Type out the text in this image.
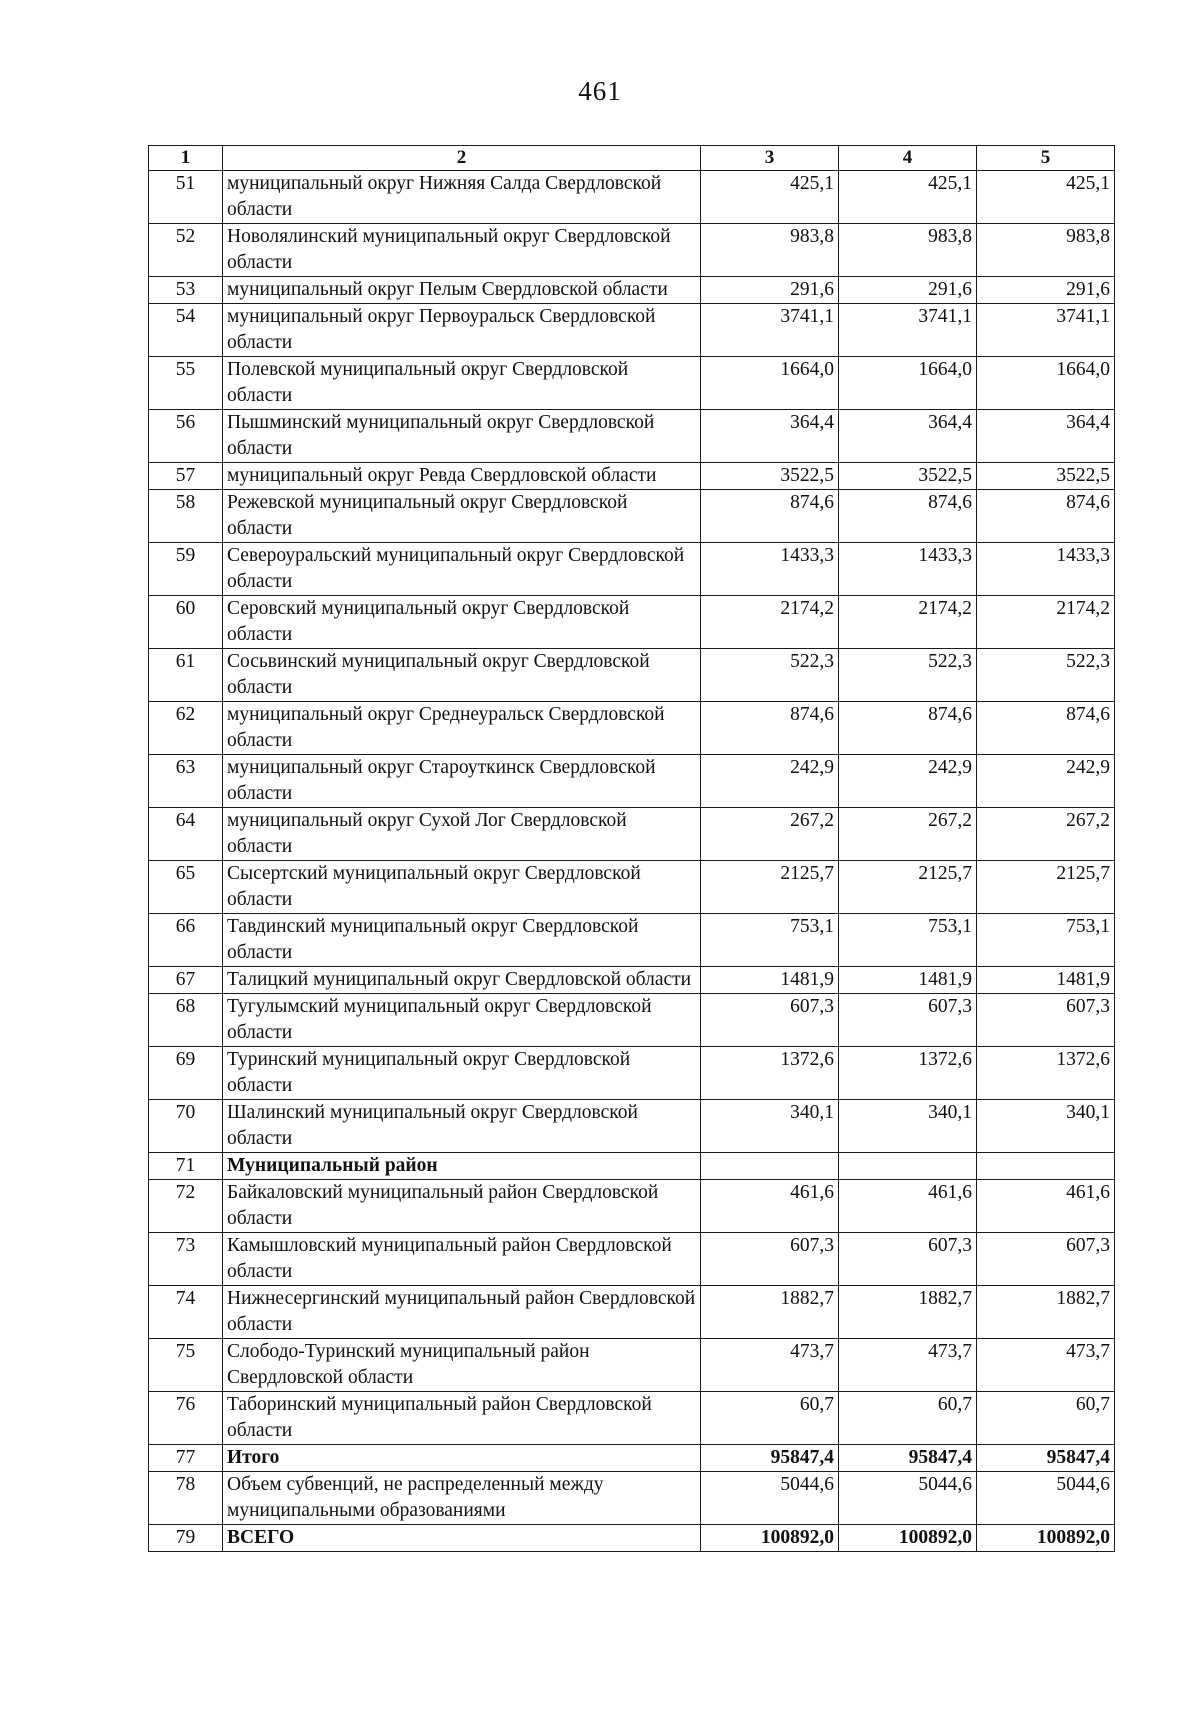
461
1	2	3	4	5
51	муниципальный округ Нижняя Салда Свердловской области	425,1	425,1	425,1
52	Новолялинский муниципальный округ Свердловской области	983,8	983,8	983,8
53	муниципальный округ Пелым Свердловской области	291,6	291,6	291,6
54	муниципальный округ Первоуральск Свердловской области	3741,1	3741,1	3741,1
55	Полевской муниципальный округ Свердловской области	1664,0	1664,0	1664,0
56	Пышминский муниципальный округ Свердловской области	364,4	364,4	364,4
57	муниципальный округ Ревда Свердловской области	3522,5	3522,5	3522,5
58	Режевской муниципальный округ Свердловской области	874,6	874,6	874,6
59	Североуральский муниципальный округ Свердловской области	1433,3	1433,3	1433,3
60	Серовский муниципальный округ Свердловской области	2174,2	2174,2	2174,2
61	Сосьвинский муниципальный округ Свердловской области	522,3	522,3	522,3
62	муниципальный округ Среднеуральск Свердловской области	874,6	874,6	874,6
63	муниципальный округ Староуткинск Свердловской области	242,9	242,9	242,9
64	муниципальный округ Сухой Лог Свердловской области	267,2	267,2	267,2
65	Сысертский муниципальный округ Свердловской области	2125,7	2125,7	2125,7
66	Тавдинский муниципальный округ Свердловской области	753,1	753,1	753,1
67	Талицкий муниципальный округ Свердловской области	1481,9	1481,9	1481,9
68	Тугулымский муниципальный округ Свердловской области	607,3	607,3	607,3
69	Туринский муниципальный округ Свердловской области	1372,6	1372,6	1372,6
70	Шалинский муниципальный округ Свердловской области	340,1	340,1	340,1
71	Муниципальный район			
72	Байкаловский муниципальный район Свердловской области	461,6	461,6	461,6
73	Камышловский муниципальный район Свердловской области	607,3	607,3	607,3
74	Нижнесергинский муниципальный район Свердловской области	1882,7	1882,7	1882,7
75	Слободо-Туринский муниципальный район Свердловской области	473,7	473,7	473,7
76	Таборинский муниципальный район Свердловской области	60,7	60,7	60,7
77	Итого	95847,4	95847,4	95847,4
78	Объем субвенций, не распределенный между муниципальными образованиями	5044,6	5044,6	5044,6
79	ВСЕГО	100892,0	100892,0	100892,0
